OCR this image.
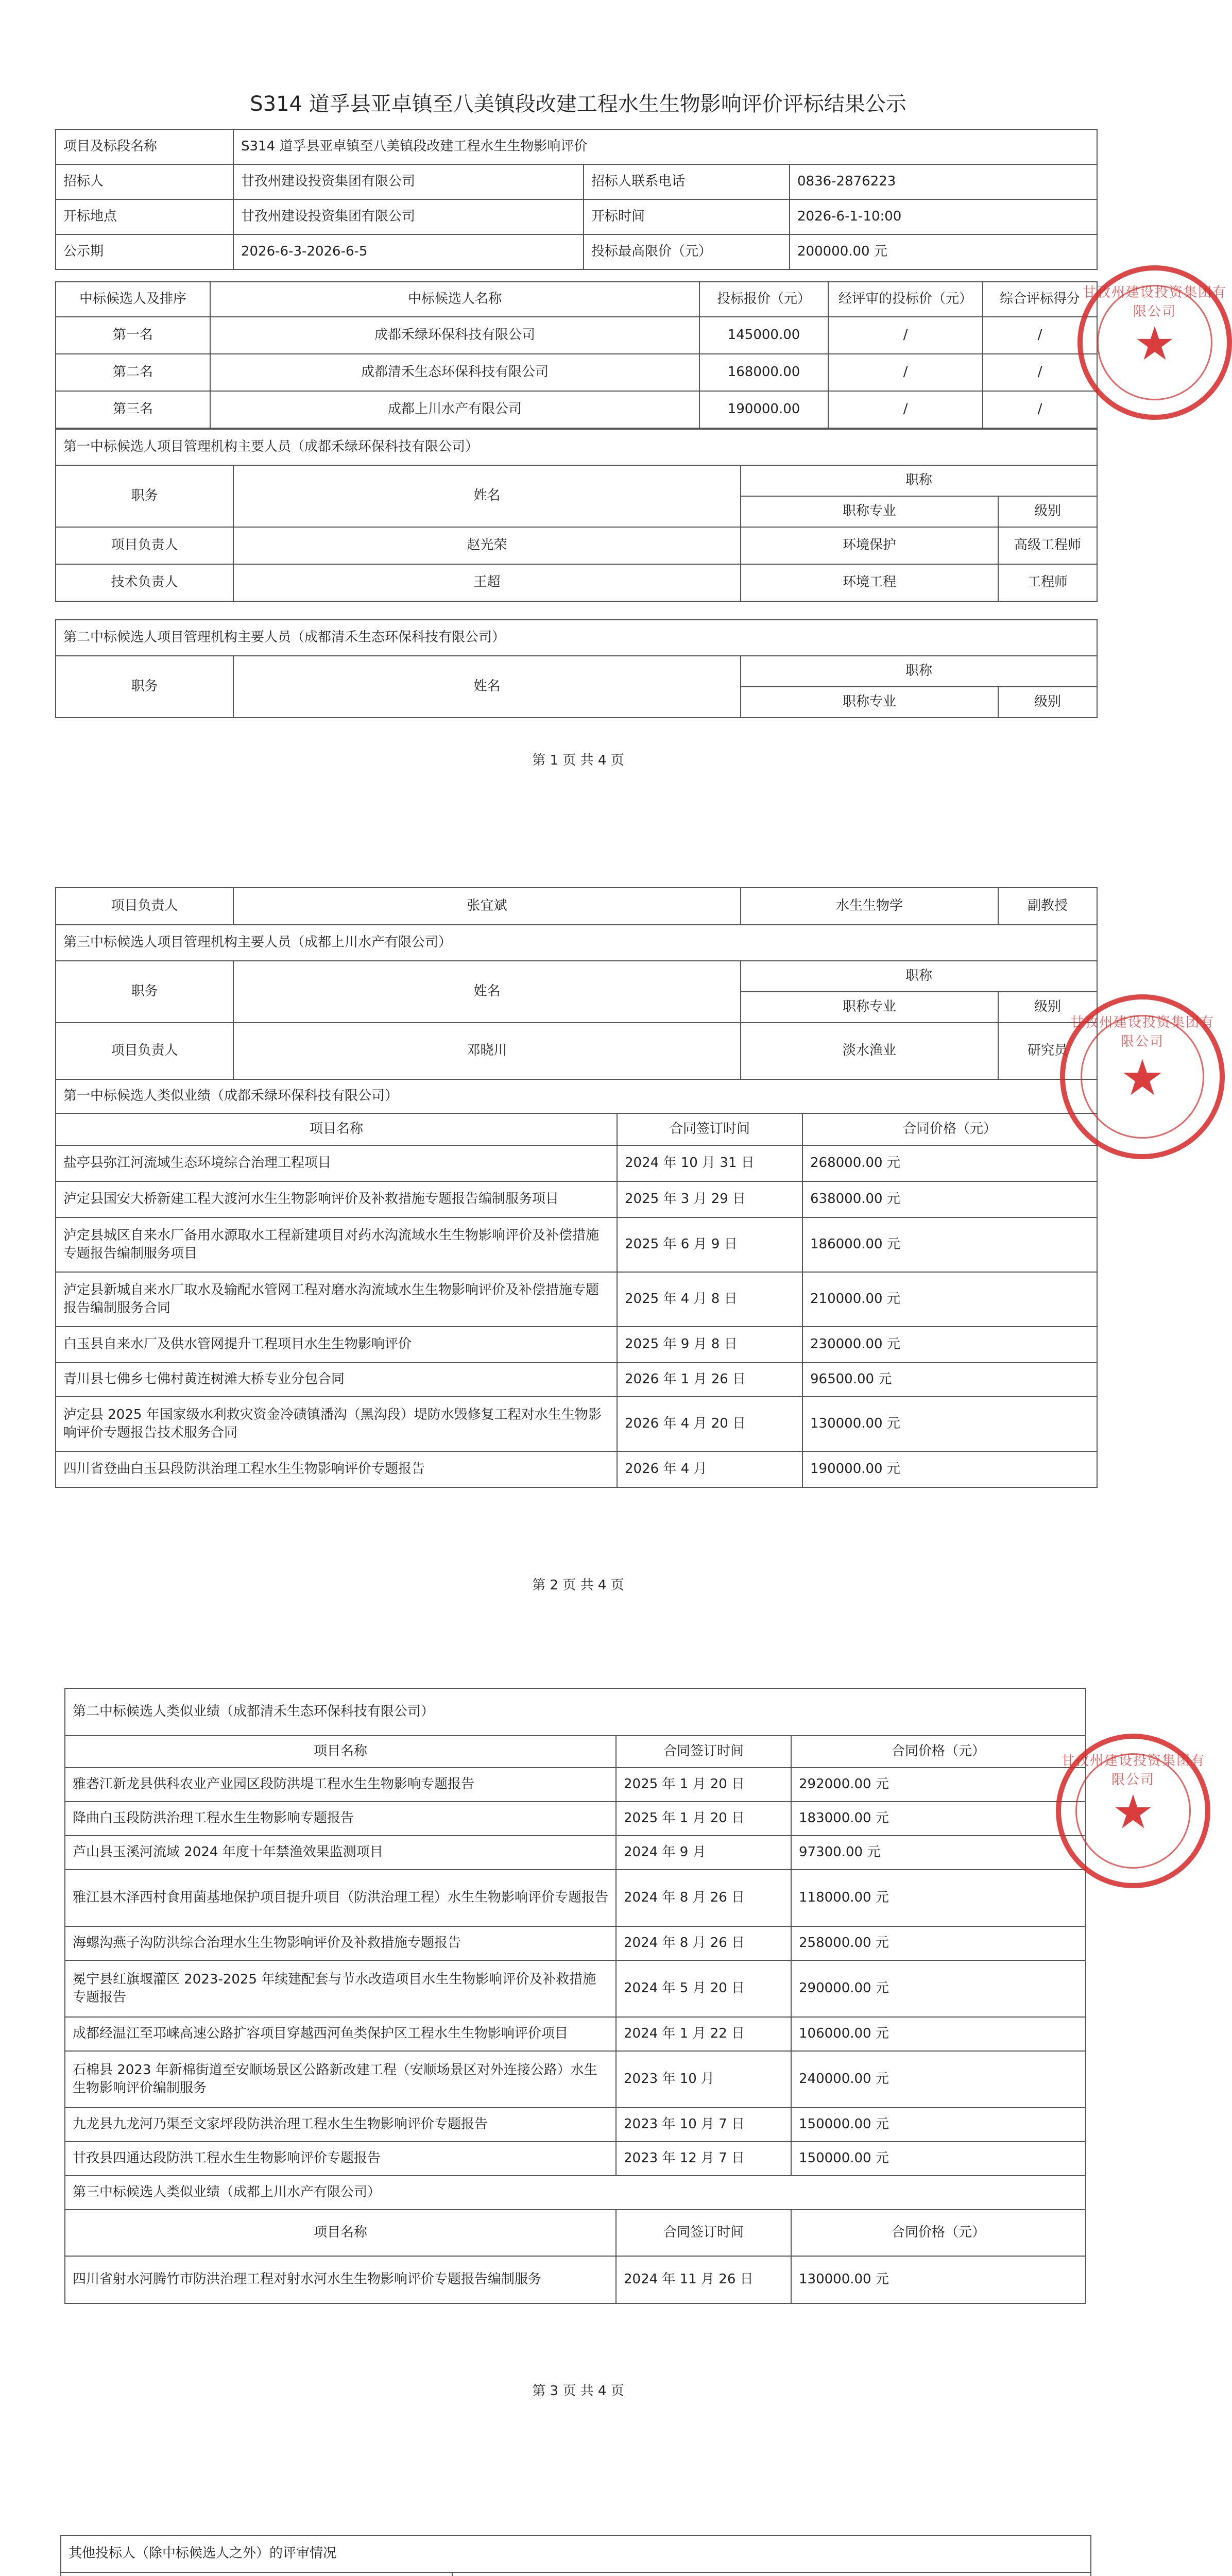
S314 道孚县亚卓镇至八美镇段改建工程水生生物影响评价评标结果公示
项目及标段名称	S314 道孚县亚卓镇至八美镇段改建工程水生生物影响评价		
招标人	甘孜州建设投资集团有限公司	招标人联系电话	0836-2876223
开标地点	甘孜州建设投资集团有限公司	开标时间	2026-6-1-10:00
公示期	2026-6-3-2026-6-5	投标最高限价（元）	200000.00 元
中标候选人及排序	中标候选人名称	投标报价（元）	经评审的投标价（元）	综合评标得分
第一名	成都禾绿环保科技有限公司	145000.00	/	/
第二名	成都清禾生态环保科技有限公司	168000.00	/	/
第三名	成都上川水产有限公司	190000.00	/	/
第一中标候选人项目管理机构主要人员（成都禾绿环保科技有限公司）			
职务	姓名	职称	
		职称专业	级别
项目负责人	赵光荣	环境保护	高级工程师
技术负责人	王超	环境工程	工程师
第二中标候选人项目管理机构主要人员（成都清禾生态环保科技有限公司）			
职务	姓名	职称	
		职称专业	级别
第 1 页 共 4 页
项目负责人	张宜斌	水生生物学	副教授
第三中标候选人项目管理机构主要人员（成都上川水产有限公司）			
职务	姓名	职称	
		职称专业	级别
项目负责人	邓晓川	淡水渔业	研究员
第一中标候选人类似业绩（成都禾绿环保科技有限公司）		
项目名称	合同签订时间	合同价格（元）
盐亭县弥江河流域生态环境综合治理工程项目	2024 年 10 月 31 日	268000.00 元
泸定县国安大桥新建工程大渡河水生生物影响评价及补救措施专题报告编制服务项目	2025 年 3 月 29 日	638000.00 元
泸定县城区自来水厂备用水源取水工程新建项目对药水沟流域水生生物影响评价及补偿措施专题报告编制服务项目	2025 年 6 月 9 日	186000.00 元
泸定县新城自来水厂取水及输配水管网工程对磨水沟流域水生生物影响评价及补偿措施专题报告编制服务合同	2025 年 4 月 8 日	210000.00 元
白玉县自来水厂及供水管网提升工程项目水生生物影响评价	2025 年 9 月 8 日	230000.00 元
青川县七佛乡七佛村黄连树滩大桥专业分包合同	2026 年 1 月 26 日	96500.00 元
泸定县 2025 年国家级水利救灾资金冷碛镇潘沟（黑沟段）堤防水毁修复工程对水生生物影响评价专题报告技术服务合同	2026 年 4 月 20 日	130000.00 元
四川省登曲白玉县段防洪治理工程水生生物影响评价专题报告	2026 年 4 月	190000.00 元
第 2 页 共 4 页
第二中标候选人类似业绩（成都清禾生态环保科技有限公司）		
项目名称	合同签订时间	合同价格（元）
雅砻江新龙县供科农业产业园区段防洪堤工程水生生物影响专题报告	2025 年 1 月 20 日	292000.00 元
降曲白玉段防洪治理工程水生生物影响专题报告	2025 年 1 月 20 日	183000.00 元
芦山县玉溪河流域 2024 年度十年禁渔效果监测项目	2024 年 9 月	97300.00 元
雅江县木泽西村食用菌基地保护项目提升项目（防洪治理工程）水生生物影响评价专题报告	2024 年 8 月 26 日	118000.00 元
海螺沟燕子沟防洪综合治理水生生物影响评价及补救措施专题报告	2024 年 8 月 26 日	258000.00 元
冕宁县红旗堰灌区 2023-2025 年续建配套与节水改造项目水生生物影响评价及补救措施专题报告	2024 年 5 月 20 日	290000.00 元
成都经温江至邛崃高速公路扩容项目穿越西河鱼类保护区工程水生生物影响评价项目	2024 年 1 月 22 日	106000.00 元
石棉县 2023 年新棉街道至安顺场景区公路新改建工程（安顺场景区对外连接公路）水生生物影响评价编制服务	2023 年 10 月	240000.00 元
九龙县九龙河乃渠至文家坪段防洪治理工程水生生物影响评价专题报告	2023 年 10 月 7 日	150000.00 元
甘孜县四通达段防洪工程水生生物影响评价专题报告	2023 年 12 月 7 日	150000.00 元
第三中标候选人类似业绩（成都上川水产有限公司）		
项目名称	合同签订时间	合同价格（元）
四川省射水河腾竹市防洪治理工程对射水河水生生物影响评价专题报告编制服务	2024 年 11 月 26 日	130000.00 元
第 3 页 共 4 页
其他投标人（除中标候选人之外）的评审情况			

甘孜州建设投资集团有限公司
★
甘孜州建设投资集团有限公司
★
甘孜州建设投资集团有限公司
★
